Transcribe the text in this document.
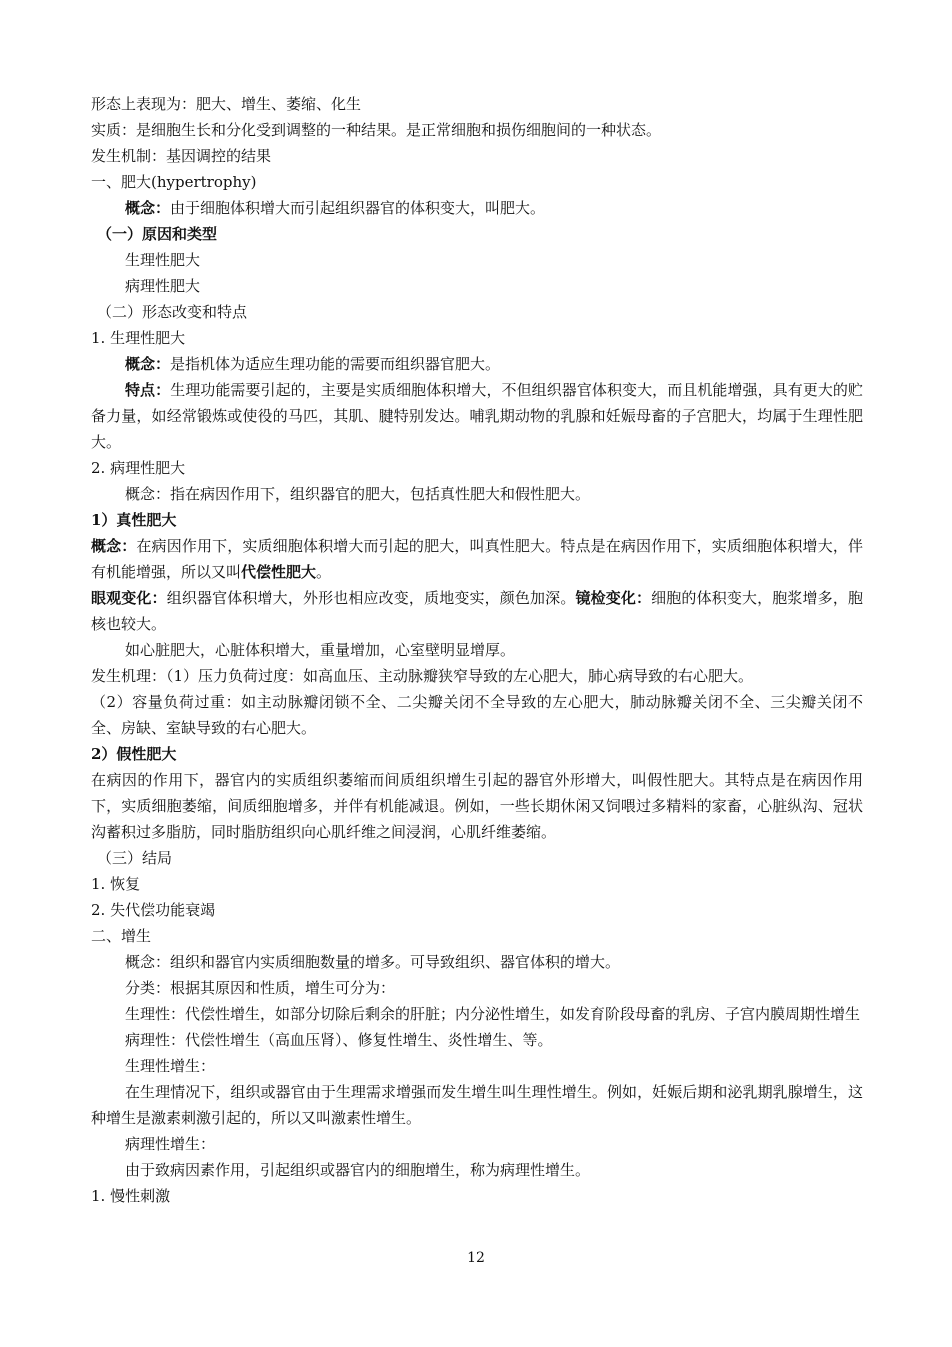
形态上表现为：肥大、增生、萎缩、化生
实质：是细胞生长和分化受到调整的一种结果。是正常细胞和损伤细胞间的一种状态。
发生机制：基因调控的结果
一、肥大(hypertrophy)
概念：由于细胞体积增大而引起组织器官的体积变大，叫肥大。
（一）原因和类型
生理性肥大
病理性肥大
（二）形态改变和特点
1. 生理性肥大
概念：是指机体为适应生理功能的需要而组织器官肥大。
特点：生理功能需要引起的，主要是实质细胞体积增大，不但组织器官体积变大，而且机能增强，具有更大的贮备力量，如经常锻炼或使役的马匹，其肌、腱特别发达。哺乳期动物的乳腺和妊娠母畜的子宫肥大，均属于生理性肥大。
2. 病理性肥大
概念：指在病因作用下，组织器官的肥大，包括真性肥大和假性肥大。
1）真性肥大
概念：在病因作用下，实质细胞体积增大而引起的肥大，叫真性肥大。特点是在病因作用下，实质细胞体积增大，伴有机能增强，所以又叫代偿性肥大。
眼观变化：组织器官体积增大，外形也相应改变，质地变实，颜色加深。镜检变化：细胞的体积变大，胞浆增多，胞核也较大。
如心脏肥大，心脏体积增大，重量增加，心室壁明显增厚。
发生机理：（1）压力负荷过度：如高血压、主动脉瓣狭窄导致的左心肥大，肺心病导致的右心肥大。
（2）容量负荷过重：如主动脉瓣闭锁不全、二尖瓣关闭不全导致的左心肥大，肺动脉瓣关闭不全、三尖瓣关闭不全、房缺、室缺导致的右心肥大。
2）假性肥大
在病因的作用下，器官内的实质组织萎缩而间质组织增生引起的器官外形增大，叫假性肥大。其特点是在病因作用下，实质细胞萎缩，间质细胞增多，并伴有机能减退。例如，一些长期休闲又饲喂过多精料的家畜，心脏纵沟、冠状沟蓄积过多脂肪，同时脂肪组织向心肌纤维之间浸润，心肌纤维萎缩。
（三）结局
1. 恢复
2. 失代偿功能衰竭
二、增生
概念：组织和器官内实质细胞数量的增多。可导致组织、器官体积的增大。
分类：根据其原因和性质，增生可分为：
生理性：代偿性增生，如部分切除后剩余的肝脏；内分泌性增生，如发育阶段母畜的乳房、子宫内膜周期性增生
病理性：代偿性增生（高血压肾）、修复性增生、炎性增生、等。
生理性增生：
在生理情况下，组织或器官由于生理需求增强而发生增生叫生理性增生。例如，妊娠后期和泌乳期乳腺增生，这种增生是激素刺激引起的，所以又叫激素性增生。
病理性增生：
由于致病因素作用，引起组织或器官内的细胞增生，称为病理性增生。
1. 慢性刺激
12
